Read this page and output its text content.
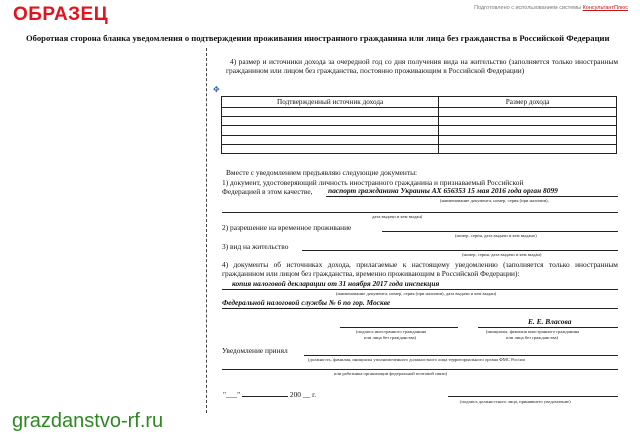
ОБРАЗЕЦ	Подготовлено с использованием системы КонсультантПлюс
Оборотная сторона бланка уведомления о подтверждении проживания иностранного гражданина или лица без гражданства в Российской Федерации
✥
4) размер и источники дохода за очередной год со дня получения вида на жительство (заполняется только иностранным гражданином или лицом без гражданства, постоянно проживающим в Российской Федерации)
Подтвержденный источник дохода	Размер дохода

Вместе с уведомлением предъявляю следующие документы:
1) документ, удостоверяющий личность иностранного гражданина и признаваемый Российской
Федерацией в этом качестве, паспорт гражданина Украины АХ 656353 15 мая 2016 года орган 8099
(наименование документа, номер, серия (при наличии),
дата выдачи и кем выдан)
2) разрешение на временное проживание
(номер, серия, дата выдачи и кем выдано)
3) вид на жительство
(номер, серия, дата выдачи и кем выдан)
4) документы об источниках дохода, прилагаемые к настоящему уведомлению (заполняется только иностранным гражданином или лицом без гражданства, временно проживающим в Российской Федерации):
копия налоговой декларации от 31 ноября 2017 года инспекция
(наименование документа, номер, серия (при наличии), дата выдачи и кем выдан)
Федеральной налоговой службы № 6 по гор. Москве
Е. Е. Власова
(подпись иностранного гражданина
или лица без гражданства)
(инициалы, фамилия иностранного гражданина
или лица без гражданства)
Уведомление принял
(должность, фамилия, инициалы уполномоченного должностного лица территориального органа ФМС России
или работника организации федеральной почтовой связи)
"___"	200 __ г.
(подпись должностного лица, принявшего уведомление)
grazdanstvo-rf.ru
